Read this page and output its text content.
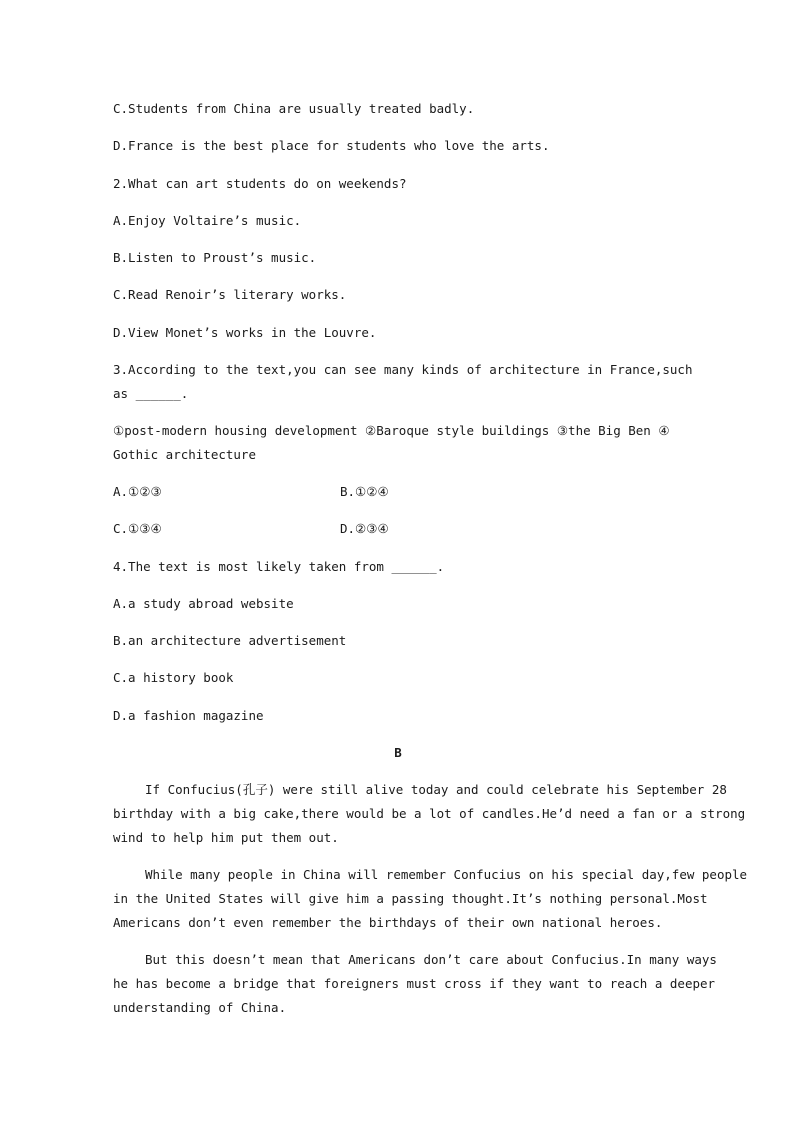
C.Students from China are usually treated badly.
D.France is the best place for students who love the arts.
2.What can art students do on weekends?
A.Enjoy Voltaire’s music.
B.Listen to Proust’s music.
C.Read Renoir’s literary works.
D.View Monet’s works in the Louvre.
3.According to the text,you can see many kinds of architecture in France,such
as ______.
①post-modern housing development ②Baroque style buildings ③the Big Ben ④
Gothic architecture
A.①②③	B.①②④
C.①③④	D.②③④
4.The text is most likely taken from ______.
A.a study abroad website
B.an architecture advertisement
C.a history book
D.a fashion magazine
B
If Confucius(孔子) were still alive today and could celebrate his September 28
birthday with a big cake,there would be a lot of candles.He’d need a fan or a strong
wind to help him put them out.
While many people in China will remember Confucius on his special day,few people
in the United States will give him a passing thought.It’s nothing personal.Most
Americans don’t even remember the birthdays of their own national heroes.
But this doesn’t mean that Americans don’t care about Confucius.In many ways
he has become a bridge that foreigners must cross if they want to reach a deeper
understanding of China.
